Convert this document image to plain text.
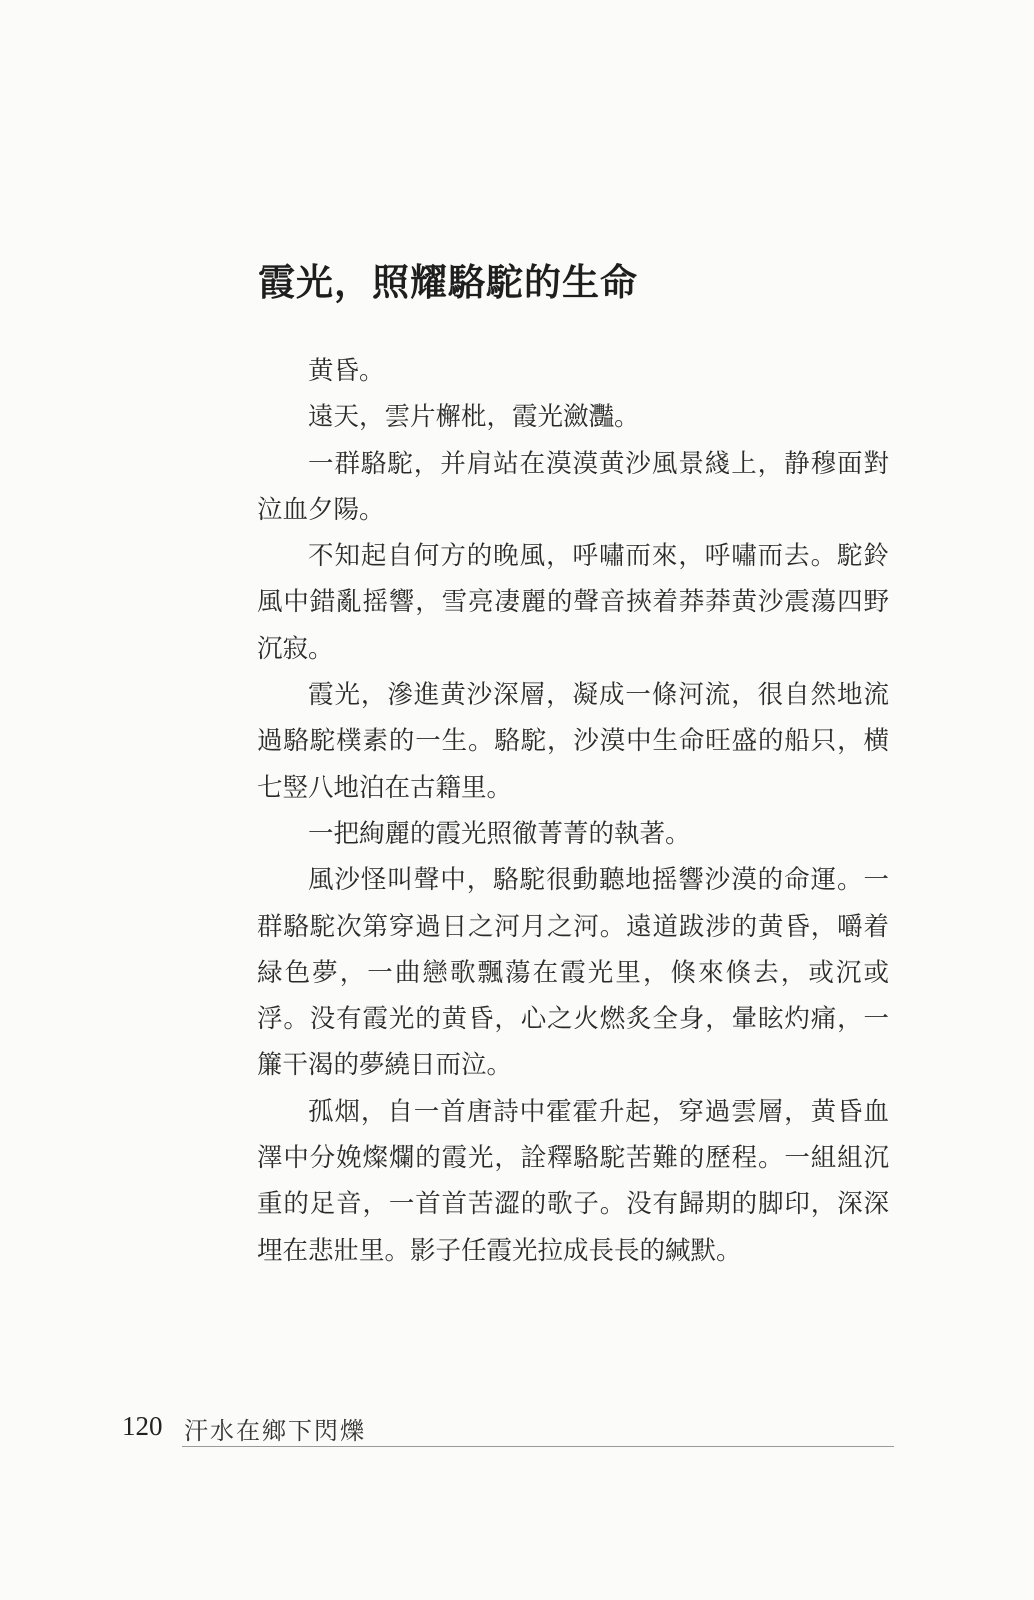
霞光，照耀駱駝的生命

黄昏。

遠天，雲片檞枇，霞光瀲灩。

一群駱駝，并肩站在漠漠黄沙風景綫上，静穆面對泣血夕陽。

不知起自何方的晚風，呼嘯而來，呼嘯而去。駝鈴風中錯亂摇響，雪亮凄麗的聲音挾着莽莽黄沙震蕩四野沉寂。

霞光，滲進黄沙深層，凝成一條河流，很自然地流過駱駝樸素的一生。駱駝，沙漠中生命旺盛的船只，横七竪八地泊在古籍里。

一把絢麗的霞光照徹菁菁的執著。

風沙怪叫聲中，駱駝很動聽地摇響沙漠的命運。一群駱駝次第穿過日之河月之河。遠道跋涉的黄昏，嚼着緑色夢，一曲戀歌飄蕩在霞光里，倏來倏去，或沉或浮。没有霞光的黄昏，心之火燃炙全身，暈眩灼痛，一簾干渴的夢繞日而泣。

孤烟，自一首唐詩中霍霍升起，穿過雲層，黄昏血澤中分娩燦爛的霞光，詮釋駱駝苦難的歷程。一組組沉重的足音，一首首苦澀的歌子。没有歸期的脚印，深深埋在悲壯里。影子任霞光拉成長長的緘默。

120 汗水在鄉下閃爍
